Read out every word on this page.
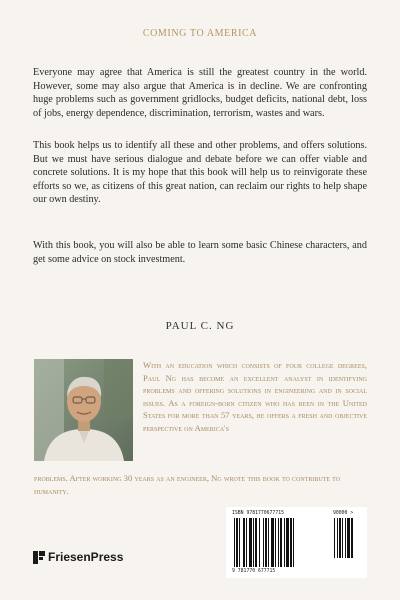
COMING TO AMERICA

Everyone may agree that America is still the greatest country in the world. However, some may also argue that America is in decline. We are confronting huge problems such as government gridlocks, budget deficits, national debt, loss of jobs, energy dependence, discrimination, terrorism, wastes and wars.

This book helps us to identify all these and other problems, and offers solutions. But we must have serious dialogue and debate before we can offer viable and concrete solutions. It is my hope that this book will help us to reinvigorate these efforts so we, as citizens of this great nation, can reclaim our rights to help shape our own destiny.

With this book, you will also be able to learn some basic Chinese characters, and get some advice on stock investment.

PAUL C. NG

With an education which consists of four college degrees, Paul Ng has become an excellent analyst in identifying problems and offering solutions in engineering and in social issues. As a foreign-born citizen who has been in the United States for more than 57 years, he offers a fresh and objective perspective on America's
problems. After working 30 years as an engineer, Ng wrote this book to contribute to humanity.

ISBN 9781770677715	90000 >
9 781770 677715
FriesenPress
